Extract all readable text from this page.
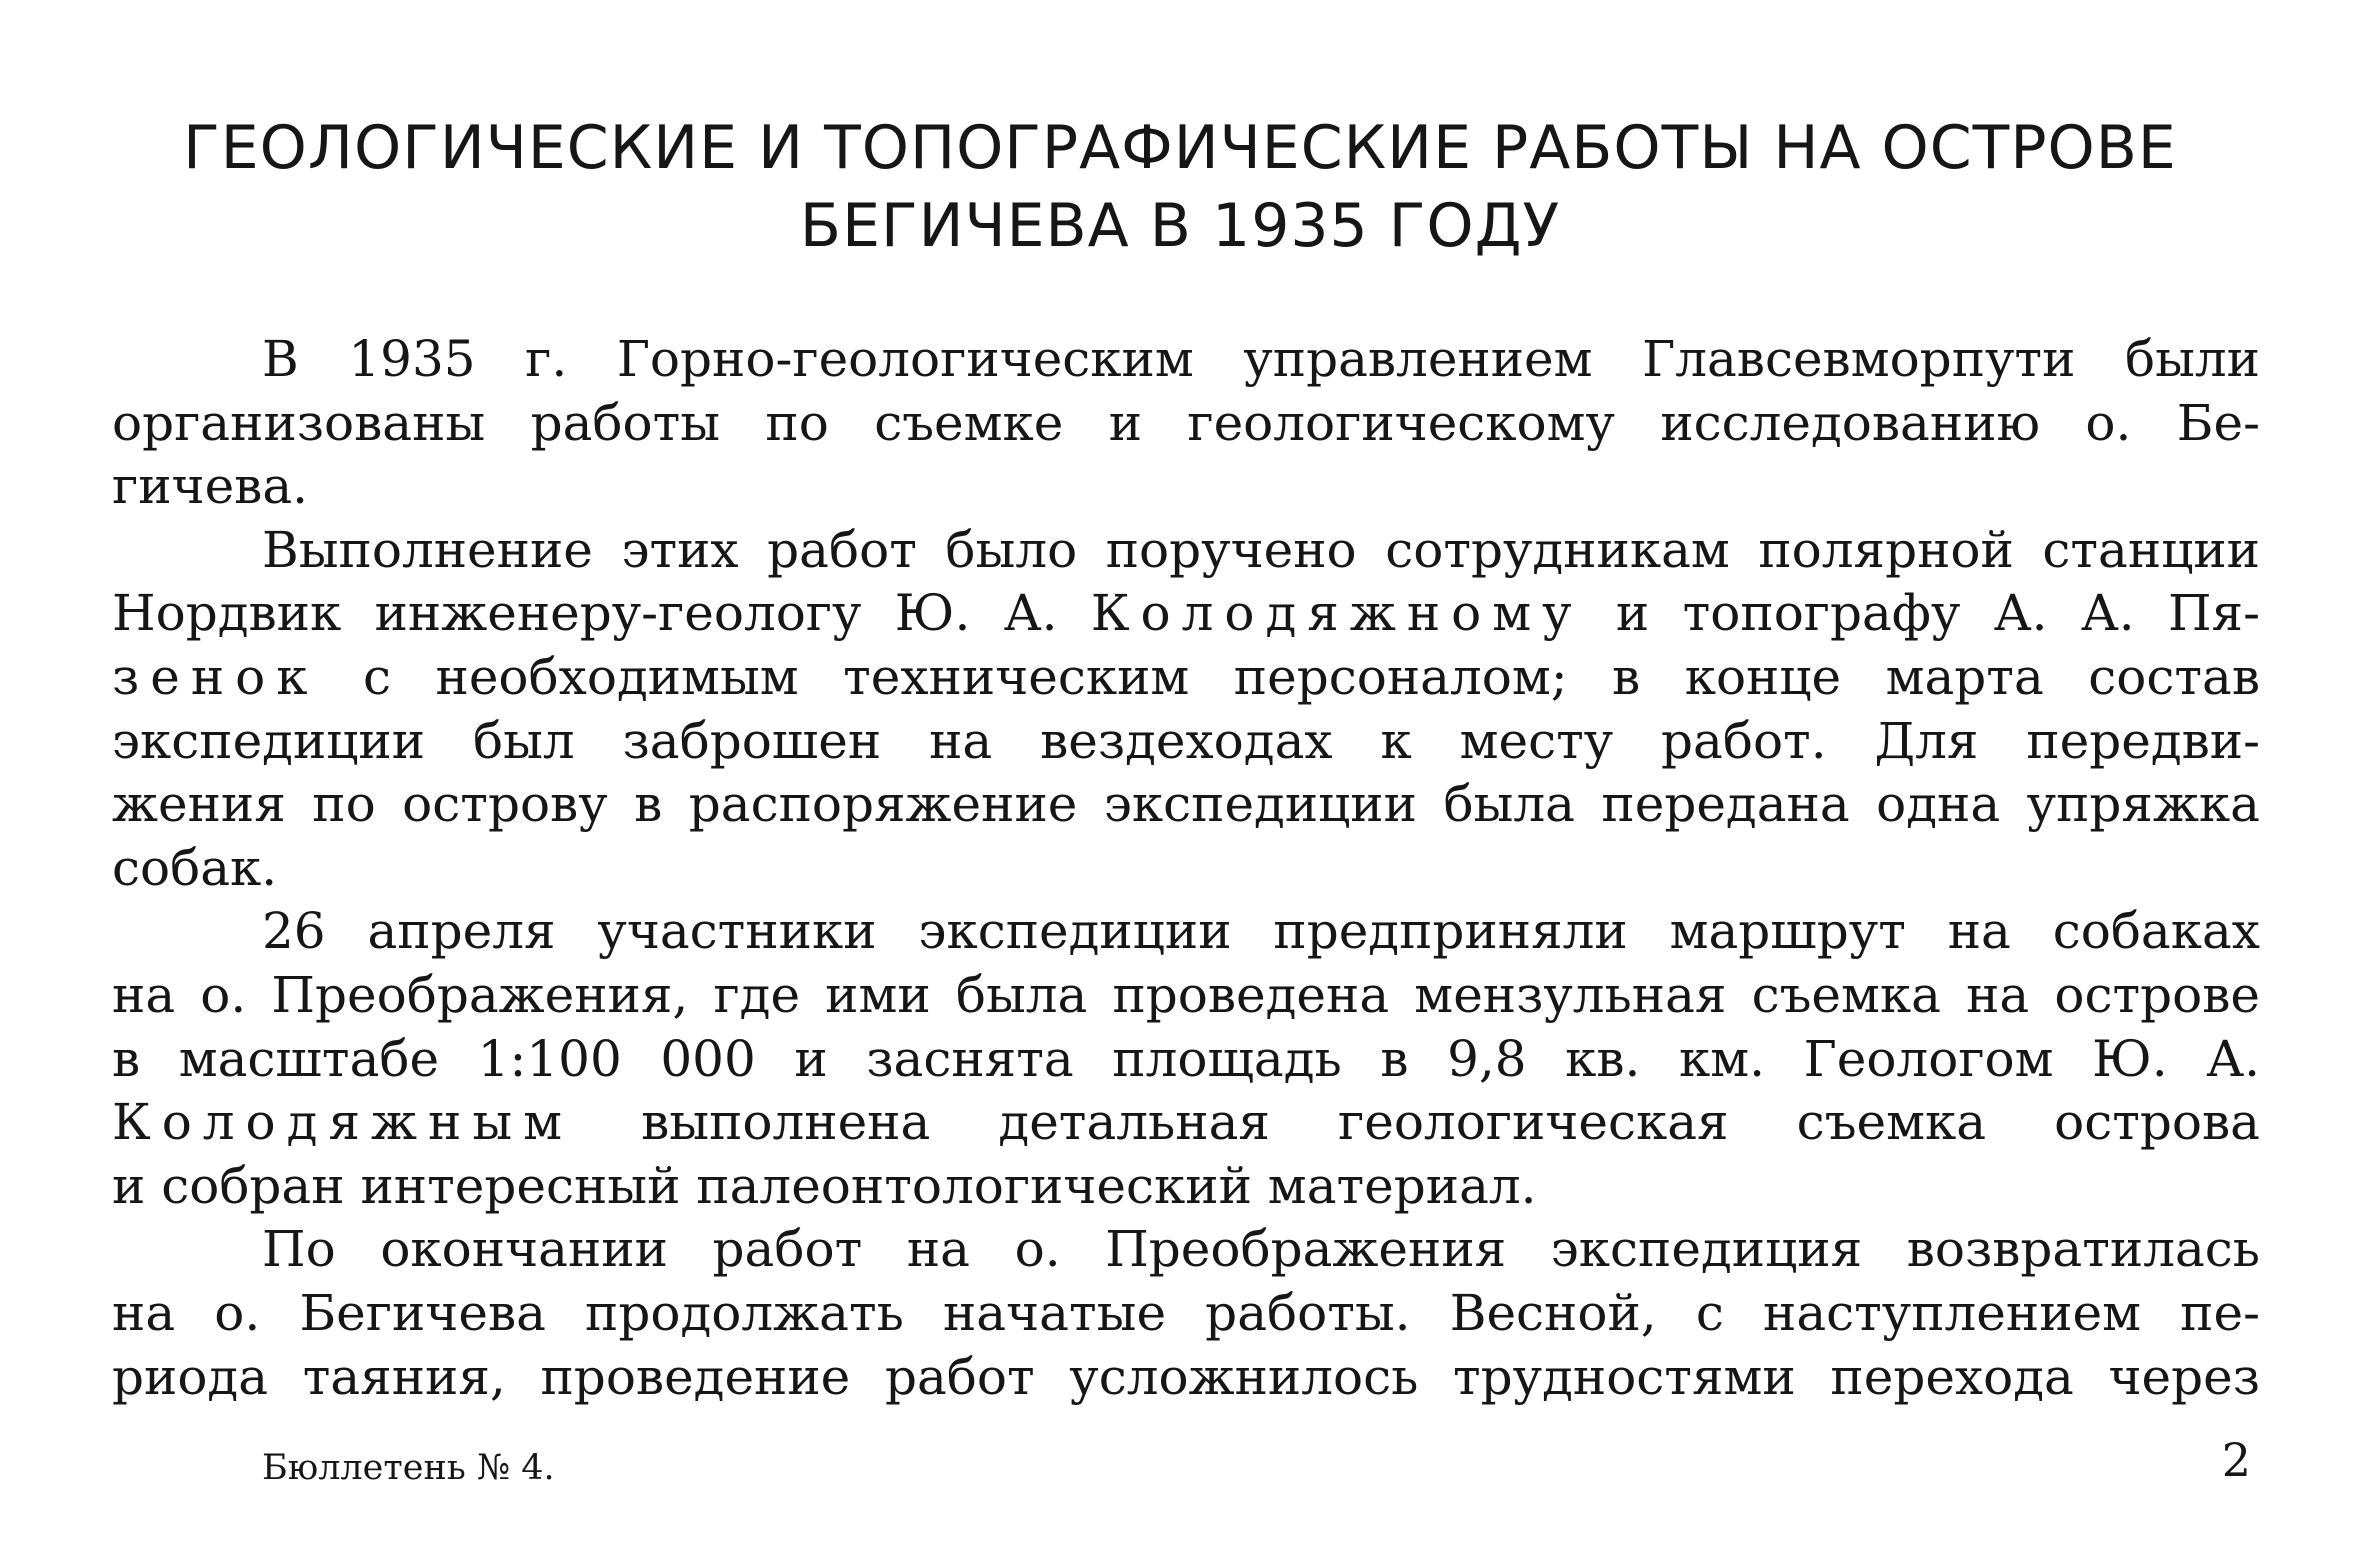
ГЕОЛОГИЧЕСКИЕ И ТОПОГРАФИЧЕСКИЕ РАБОТЫ НА ОСТРОВЕ
БЕГИЧЕВА В 1935 ГОДУ
В 1935 г. Горно-геологическим управлением Главсевморпути были
организованы работы по съемке и геологическому исследованию о. Бе-
гичева.
Выполнение этих работ было поручено сотрудникам полярной станции
Нордвик инженеру-геологу Ю. А. Колодяжному и топографу А. А. Пя-
зенок с необходимым техническим персоналом; в конце марта состав
экспедиции был заброшен на вездеходах к месту работ. Для передви-
жения по острову в распоряжение экспедиции была передана одна упряжка
собак.
26 апреля участники экспедиции предприняли маршрут на собаках
на о. Преображения, где ими была проведена мензульная съемка на острове
в масштабе 1:100 000 и заснята площадь в 9,8 кв. км. Геологом Ю. А.
Колодяжным выполнена детальная геологическая съемка острова
и собран интересный палеонтологический материал.
По окончании работ на о. Преображения экспедиция возвратилась
на о. Бегичева продолжать начатые работы. Весной, с наступлением пе-
риода таяния, проведение работ усложнилось трудностями перехода через
Бюллетень № 4.	2
